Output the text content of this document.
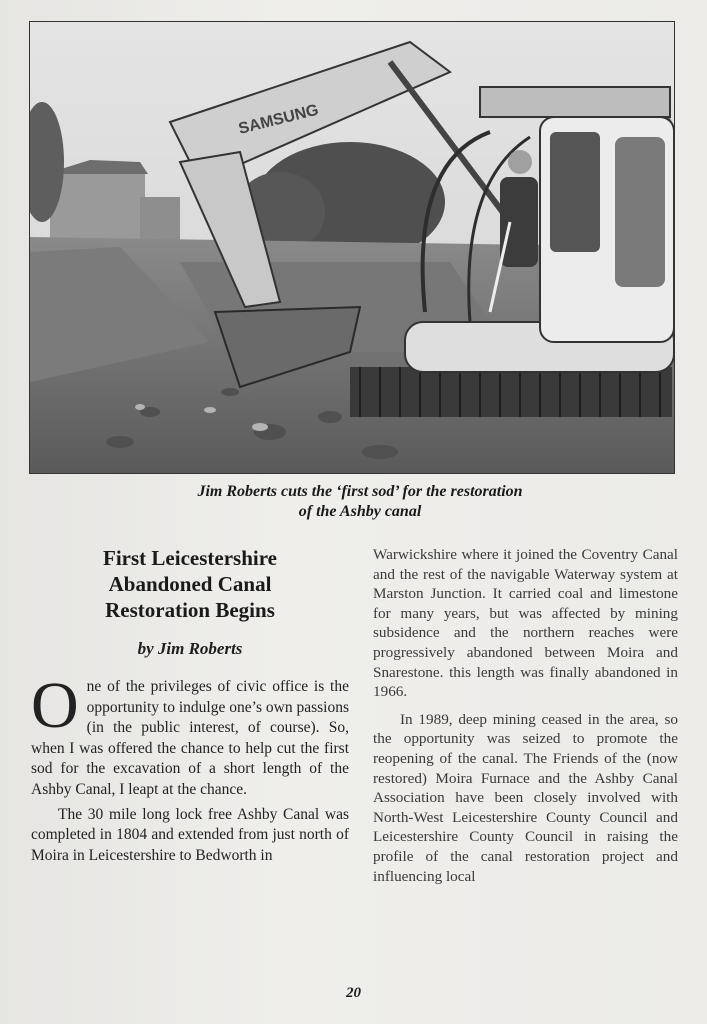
SAMSUNG
Jim Roberts cuts the ‘first sod’ for the restoration
of the Ashby canal
First Leicestershire
Abandoned Canal
Restoration Begins
by Jim Roberts

One of the privileges of civic office is the opportunity to indulge one’s own passions (in the public interest, of course). So, when I was offered the chance to help cut the first sod for the excavation of a short length of the Ashby Canal, I leapt at the chance.

The 30 mile long lock free Ashby Canal was completed in 1804 and extended from just north of Moira in Leicestershire to Bedworth in

Warwickshire where it joined the Coventry Canal and the rest of the navigable Waterway system at Marston Junction. It carried coal and limestone for many years, but was affected by mining subsidence and the northern reaches were progressively abandoned between Moira and Snarestone. this length was finally abandoned in 1966.

In 1989, deep mining ceased in the area, so the opportunity was seized to promote the reopening of the canal. The Friends of the (now restored) Moira Furnace and the Ashby Canal Association have been closely involved with North-West Leicestershire County Council and Leicestershire County Council in raising the profile of the canal restoration project and influencing local

20
